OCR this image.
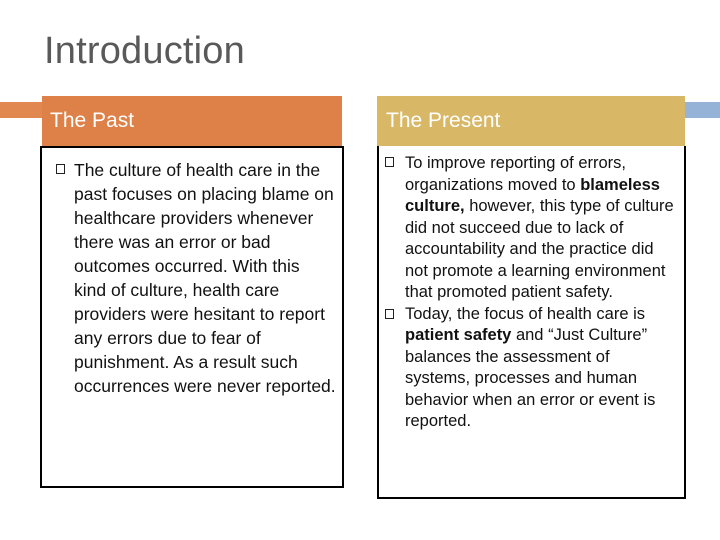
Introduction
The Past	The Present
The culture of health care in the past focuses on placing blame on healthcare providers whenever there was an error or bad outcomes occurred. With this kind of culture, health care providers were hesitant to report any errors due to fear of punishment. As a result such occurrences were never reported.
To improve reporting of errors, organizations moved to blameless culture, however, this type of culture did not succeed due to lack of accountability and the practice did not promote a learning environment that promoted patient safety.
Today, the focus of health care is patient safety and “Just Culture” balances the assessment of systems, processes and human behavior when an error or event is reported.
